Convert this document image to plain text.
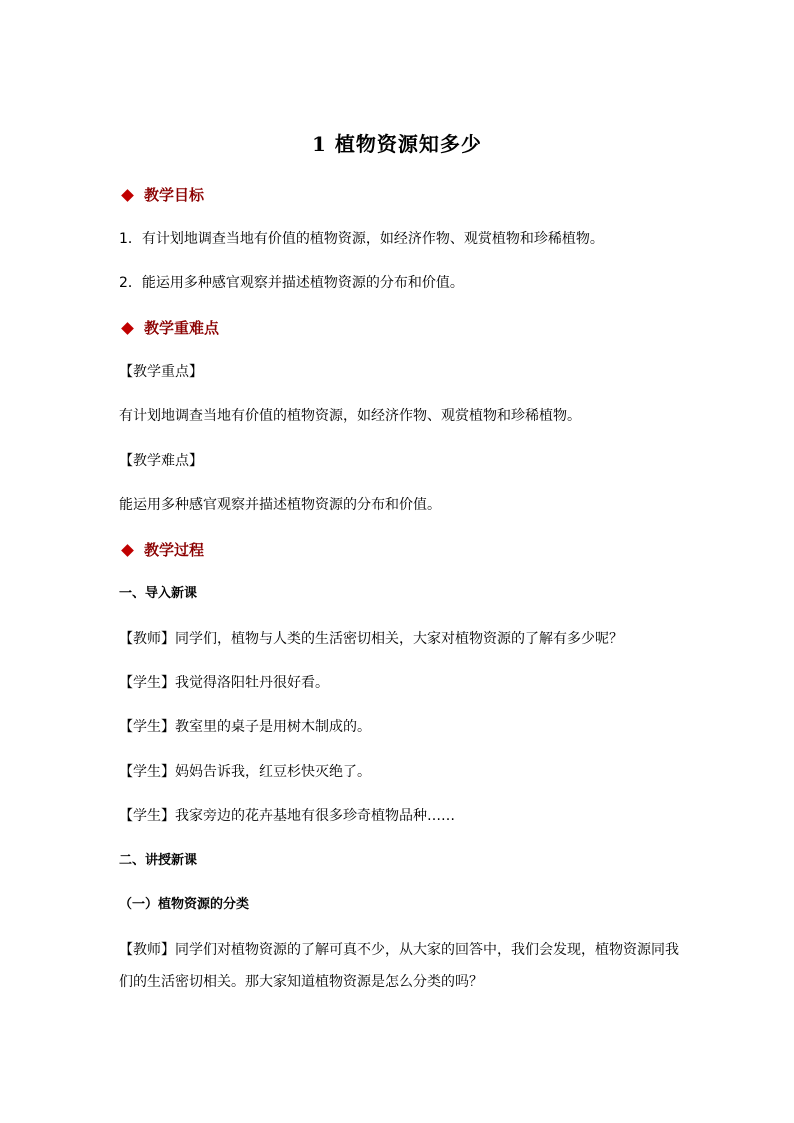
1 植物资源知多少
教学目标
1．有计划地调查当地有价值的植物资源，如经济作物、观赏植物和珍稀植物。
2．能运用多种感官观察并描述植物资源的分布和价值。
教学重难点
【教学重点】
有计划地调查当地有价值的植物资源，如经济作物、观赏植物和珍稀植物。
【教学难点】
能运用多种感官观察并描述植物资源的分布和价值。
教学过程
一、导入新课
【教师】同学们，植物与人类的生活密切相关，大家对植物资源的了解有多少呢？
【学生】我觉得洛阳牡丹很好看。
【学生】教室里的桌子是用树木制成的。
【学生】妈妈告诉我，红豆杉快灭绝了。
【学生】我家旁边的花卉基地有很多珍奇植物品种……
二、讲授新课
（一）植物资源的分类
【教师】同学们对植物资源的了解可真不少，从大家的回答中，我们会发现，植物资源同我
们的生活密切相关。那大家知道植物资源是怎么分类的吗？
